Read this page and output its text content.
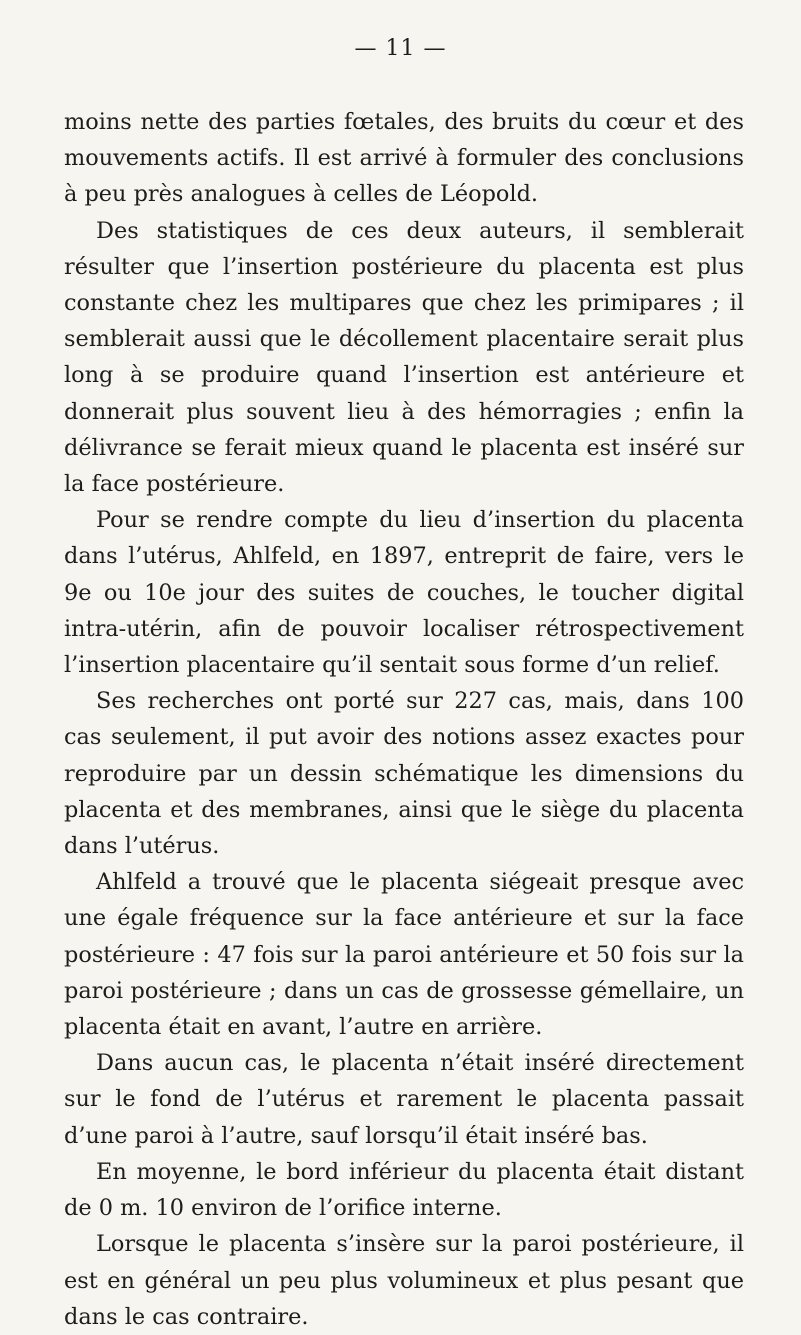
— 11 —

moins nette des parties fœtales, des bruits du cœur et des mouvements actifs. Il est arrivé à formuler des conclusions à peu près analogues à celles de Léopold.

Des statistiques de ces deux auteurs, il semblerait résulter que l’insertion postérieure du placenta est plus constante chez les multipares que chez les primipares ; il semblerait aussi que le décollement placentaire serait plus long à se produire quand l’insertion est antérieure et donnerait plus souvent lieu à des hémorragies ; enfin la délivrance se ferait mieux quand le placenta est inséré sur la face postérieure.

Pour se rendre compte du lieu d’insertion du placenta dans l’utérus, Ahlfeld, en 1897, entreprit de faire, vers le 9e ou 10e jour des suites de couches, le toucher digital intra-utérin, afin de pouvoir localiser rétrospectivement l’insertion placentaire qu’il sentait sous forme d’un relief.

Ses recherches ont porté sur 227 cas, mais, dans 100 cas seulement, il put avoir des notions assez exactes pour reproduire par un dessin schématique les dimensions du placenta et des membranes, ainsi que le siège du placenta dans l’utérus.

Ahlfeld a trouvé que le placenta siégeait presque avec une égale fréquence sur la face antérieure et sur la face postérieure : 47 fois sur la paroi antérieure et 50 fois sur la paroi postérieure ; dans un cas de grossesse gémellaire, un placenta était en avant, l’autre en arrière.

Dans aucun cas, le placenta n’était inséré directement sur le fond de l’utérus et rarement le placenta passait d’une paroi à l’autre, sauf lorsqu’il était inséré bas.

En moyenne, le bord inférieur du placenta était distant de 0 m. 10 environ de l’orifice interne.

Lorsque le placenta s’insère sur la paroi postérieure, il est en général un peu plus volumineux et plus pesant que dans le cas contraire.
